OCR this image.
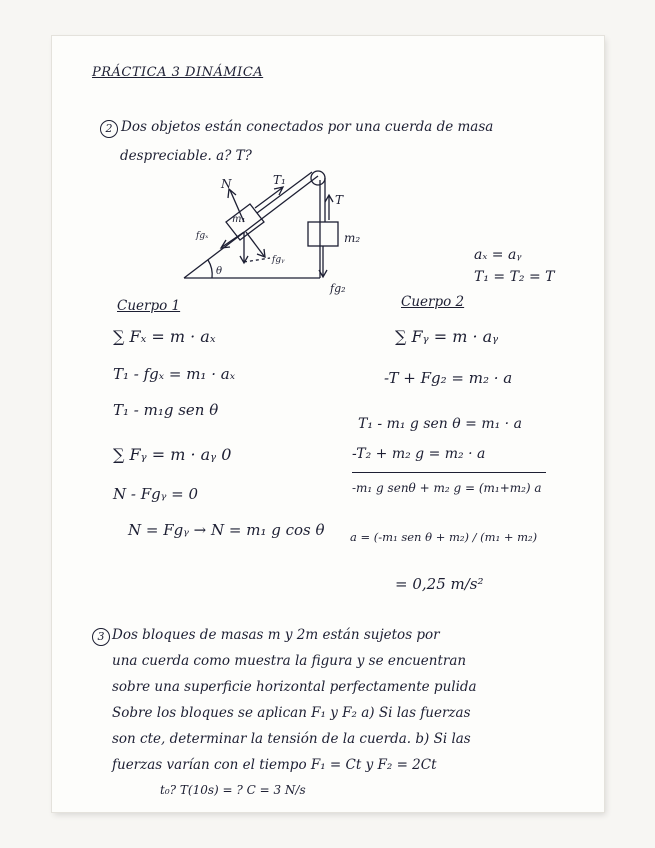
PRÁCTICA 3 DINÁMICA
2 Dos objetos están conectados por una cuerda de masa
despreciable. a? T?
N	T₁
T
m₁
m₂
fgₓ
fgᵧ
fg₂
θ
aₓ = aᵧ
T₁ = T₂ = T
Cuerpo 1
∑ Fₓ = m · aₓ
T₁ - fgₓ = m₁ · aₓ
T₁ - m₁g sen θ
∑ Fᵧ = m · aᵧ 0
N - Fgᵧ = 0
N = Fgᵧ → N = m₁ g cos θ
Cuerpo 2
∑ Fᵧ = m · aᵧ
-T + Fg₂ = m₂ · a
T₁ - m₁ g sen θ = m₁ · a
-T₂ + m₂ g = m₂ · a
-m₁ g senθ + m₂ g = (m₁+m₂) a
a = (-m₁ sen θ + m₂) / (m₁ + m₂)
= 0,25 m/s²
3 Dos bloques de masas m y 2m están sujetos por
una cuerda como muestra la figura y se encuentran
sobre una superficie horizontal perfectamente pulida
Sobre los bloques se aplican F₁ y F₂ a) Si las fuerzas
son cte, determinar la tensión de la cuerda. b) Si las
fuerzas varían con el tiempo F₁ = Ct y F₂ = 2Ct
t₀? T(10s) = ? C = 3 N/s
